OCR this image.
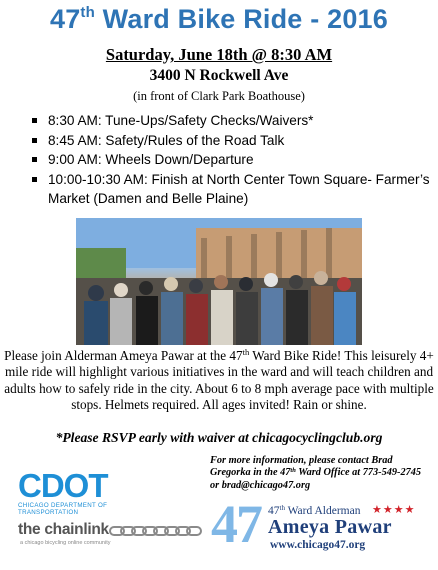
47th Ward Bike Ride - 2016
Saturday, June 18th @ 8:30 AM
3400 N Rockwell Ave
(in front of Clark Park Boathouse)
8:30 AM: Tune-Ups/Safety Checks/Waivers*
8:45 AM: Safety/Rules of the Road Talk
9:00 AM: Wheels Down/Departure
10:00-10:30 AM: Finish at North Center Town Square- Farmer’s Market (Damen and Belle Plaine)

Please join Alderman Ameya Pawar at the 47th Ward Bike Ride! This leisurely 4+ mile ride will highlight various initiatives in the ward and will teach children and adults how to safely ride in the city. About 6 to 8 mph average pace with multiple stops. Helmets required. All ages invited! Rain or shine.

*Please RSVP early with waiver at chicagocyclingclub.org
CDOT
CHICAGO DEPARTMENT OF TRANSPORTATION
the chainlink
a chicago bicycling online community
For more information, please contact Brad Gregorka in the 47th Ward Office at 773-549-2745 or brad@chicago47.org
47 47th Ward Alderman ★★★★
Ameya Pawar
www.chicago47.org
